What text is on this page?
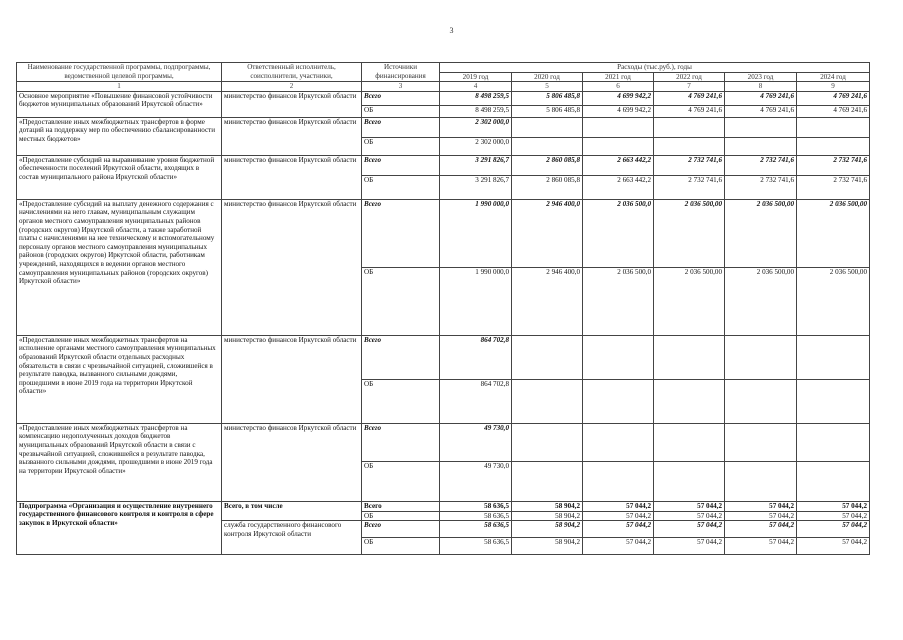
3
Наименование государственной программы, подпрограммы, ведомственной целевой программы,	Ответственный исполнитель, соисполнители, участники,	Источники финансирования	Расходы (тыс.руб.), годы					
			2019 год	2020 год	2021 год	2022 год	2023 год	2024 год
1	2	3	4	5	6	7	8	9
Основное мероприятие «Повышение финансовой устойчивости бюджетов муниципальных образований Иркутской области»	министерство финансов Иркутской области	Всего	8 498 259,5	5 806 485,8	4 699 942,2	4 769 241,6	4 769 241,6	4 769 241,6
		ОБ	8 498 259,5	5 806 485,8	4 699 942,2	4 769 241,6	4 769 241,6	4 769 241,6
«Предоставление иных межбюджетных трансфертов в форме дотаций на поддержку мер по обеспечению сбалансированности местных бюджетов»	министерство финансов Иркутской области	Всего	2 302 000,0					
		ОБ	2 302 000,0					
«Предоставление субсидий на выравнивание уровня бюджетной обеспеченности поселений Иркутской области, входящих в состав муниципального района Иркутской области»	министерство финансов Иркутской области	Всего	3 291 826,7	2 860 085,8	2 663 442,2	2 732 741,6	2 732 741,6	2 732 741,6
		ОБ	3 291 826,7	2 860 085,8	2 663 442,2	2 732 741,6	2 732 741,6	2 732 741,6
«Предоставление субсидий на выплату денежного содержания с начислениями на него главам, муниципальным служащим органов местного самоуправления муниципальных районов (городских округов) Иркутской области, а также заработной платы с начислениями на нее техническому и вспомогательному персоналу органов местного самоуправления муниципальных районов (городских округов) Иркутской области, работникам учреждений, находящихся в ведении органов местного самоуправления муниципальных районов (городских округов) Иркутской области»	министерство финансов Иркутской области	Всего	1 990 000,0	2 946 400,0	2 036 500,0	2 036 500,00	2 036 500,00	2 036 500,00
		ОБ	1 990 000,0	2 946 400,0	2 036 500,0	2 036 500,00	2 036 500,00	2 036 500,00
«Предоставление иных межбюджетных трансфертов на исполнение органами местного самоуправления муниципальных образований Иркутской области отдельных расходных обязательств в связи с чрезвычайной ситуацией, сложившейся в результате паводка, вызванного сильными дождями, прошедшими в июне 2019 года на территории Иркутской области»	министерство финансов Иркутской области	Всего	864 702,8					
		ОБ	864 702,8					
«Предоставление иных межбюджетных трансфертов на компенсацию недополученных доходов бюджетов муниципальных образований Иркутской области в связи с чрезвычайной ситуацией, сложившейся в результате паводка, вызванного сильными дождями, прошедшими в июне 2019 года на территории Иркутской области»	министерство финансов Иркутской области	Всего	49 730,0					
		ОБ	49 730,0					
Подпрограмма «Организация и осуществление внутреннего государственного финансового контроля и контроля в сфере закупок в Иркутской области»	Всего, в том числе	Всего	58 636,5	58 904,2	57 044,2	57 044,2	57 044,2	57 044,2
		ОБ	58 636,5	58 904,2	57 044,2	57 044,2	57 044,2	57 044,2
	служба государственного финансового контроля Иркутской области	Всего	58 636,5	58 904,2	57 044,2	57 044,2	57 044,2	57 044,2
		ОБ	58 636,5	58 904,2	57 044,2	57 044,2	57 044,2	57 044,2
